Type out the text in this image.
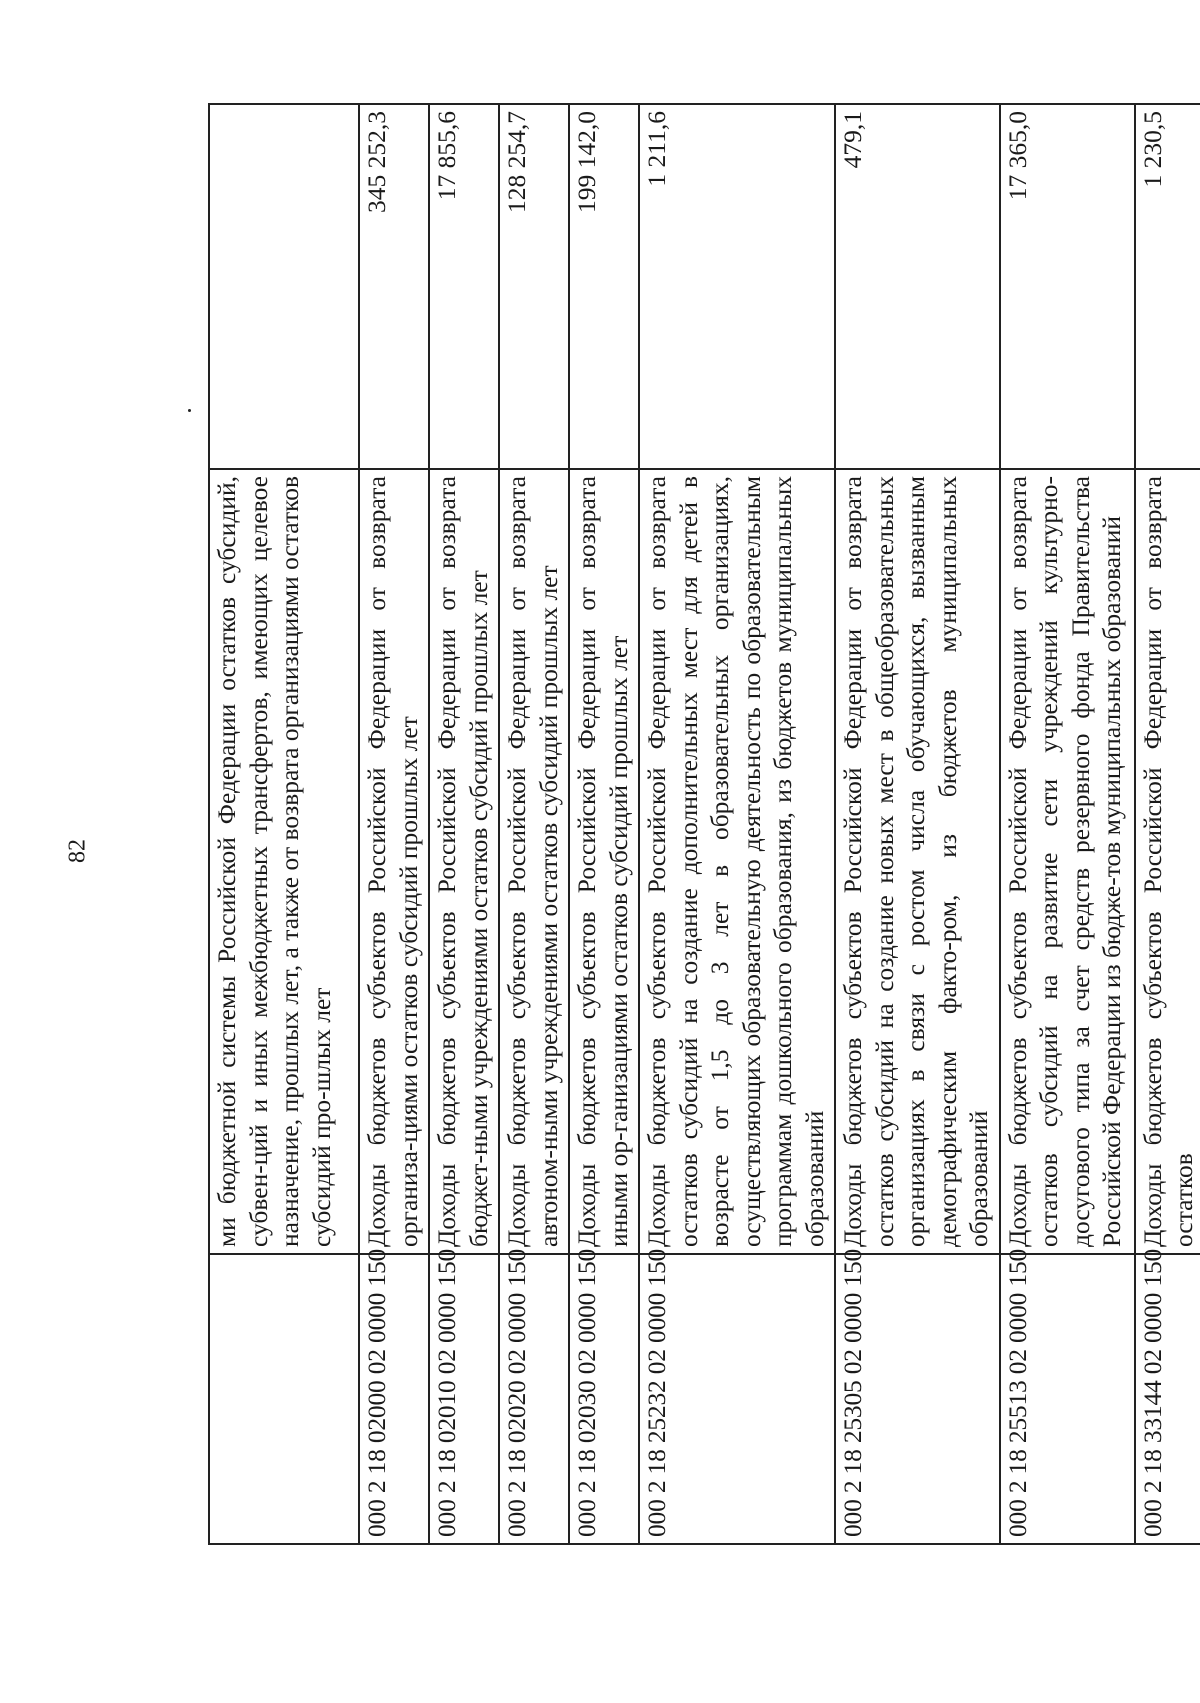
82
		ми бюджетной системы Российской Федерации остатков субсидий, субвен-ций и иных межбюджетных трансфертов, имеющих целевое назначение, прошлых лет, а также от возврата организациями остатков субсидий про-шлых лет	
000 2 18 02000 02 0000 150	Доходы бюджетов субъектов Российской Федерации от возврата организа-циями остатков субсидий прошлых лет	345 252,3
000 2 18 02010 02 0000 150	Доходы бюджетов субъектов Российской Федерации от возврата бюджет-ными учреждениями остатков субсидий прошлых лет	17 855,6
000 2 18 02020 02 0000 150	Доходы бюджетов субъектов Российской Федерации от возврата автоном-ными учреждениями остатков субсидий прошлых лет	128 254,7
000 2 18 02030 02 0000 150	Доходы бюджетов субъектов Российской Федерации от возврата иными ор-ганизациями остатков субсидий прошлых лет	199 142,0
000 2 18 25232 02 0000 150	Доходы бюджетов субъектов Российской Федерации от возврата остатков субсидий на создание дополнительных мест для детей в возрасте от 1,5 до 3 лет в образовательных организациях, осуществляющих образовательную деятельность по образовательным программам дошкольного образования, из бюджетов муниципальных образований	1 211,6
000 2 18 25305 02 0000 150	Доходы бюджетов субъектов Российской Федерации от возврата остатков субсидий на создание новых мест в общеобразовательных организациях в связи с ростом числа обучающихся, вызванным демографическим факто-ром, из бюджетов муниципальных образований	479,1
000 2 18 25513 02 0000 150	Доходы бюджетов субъектов Российской Федерации от возврата остатков субсидий на развитие сети учреждений культурно-досугового типа за счет средств резервного фонда Правительства Российской Федерации из бюдже-тов муниципальных образований	17 365,0
000 2 18 33144 02 0000 150	Доходы бюджетов субъектов Российской Федерации от возврата остатков	1 230,5
